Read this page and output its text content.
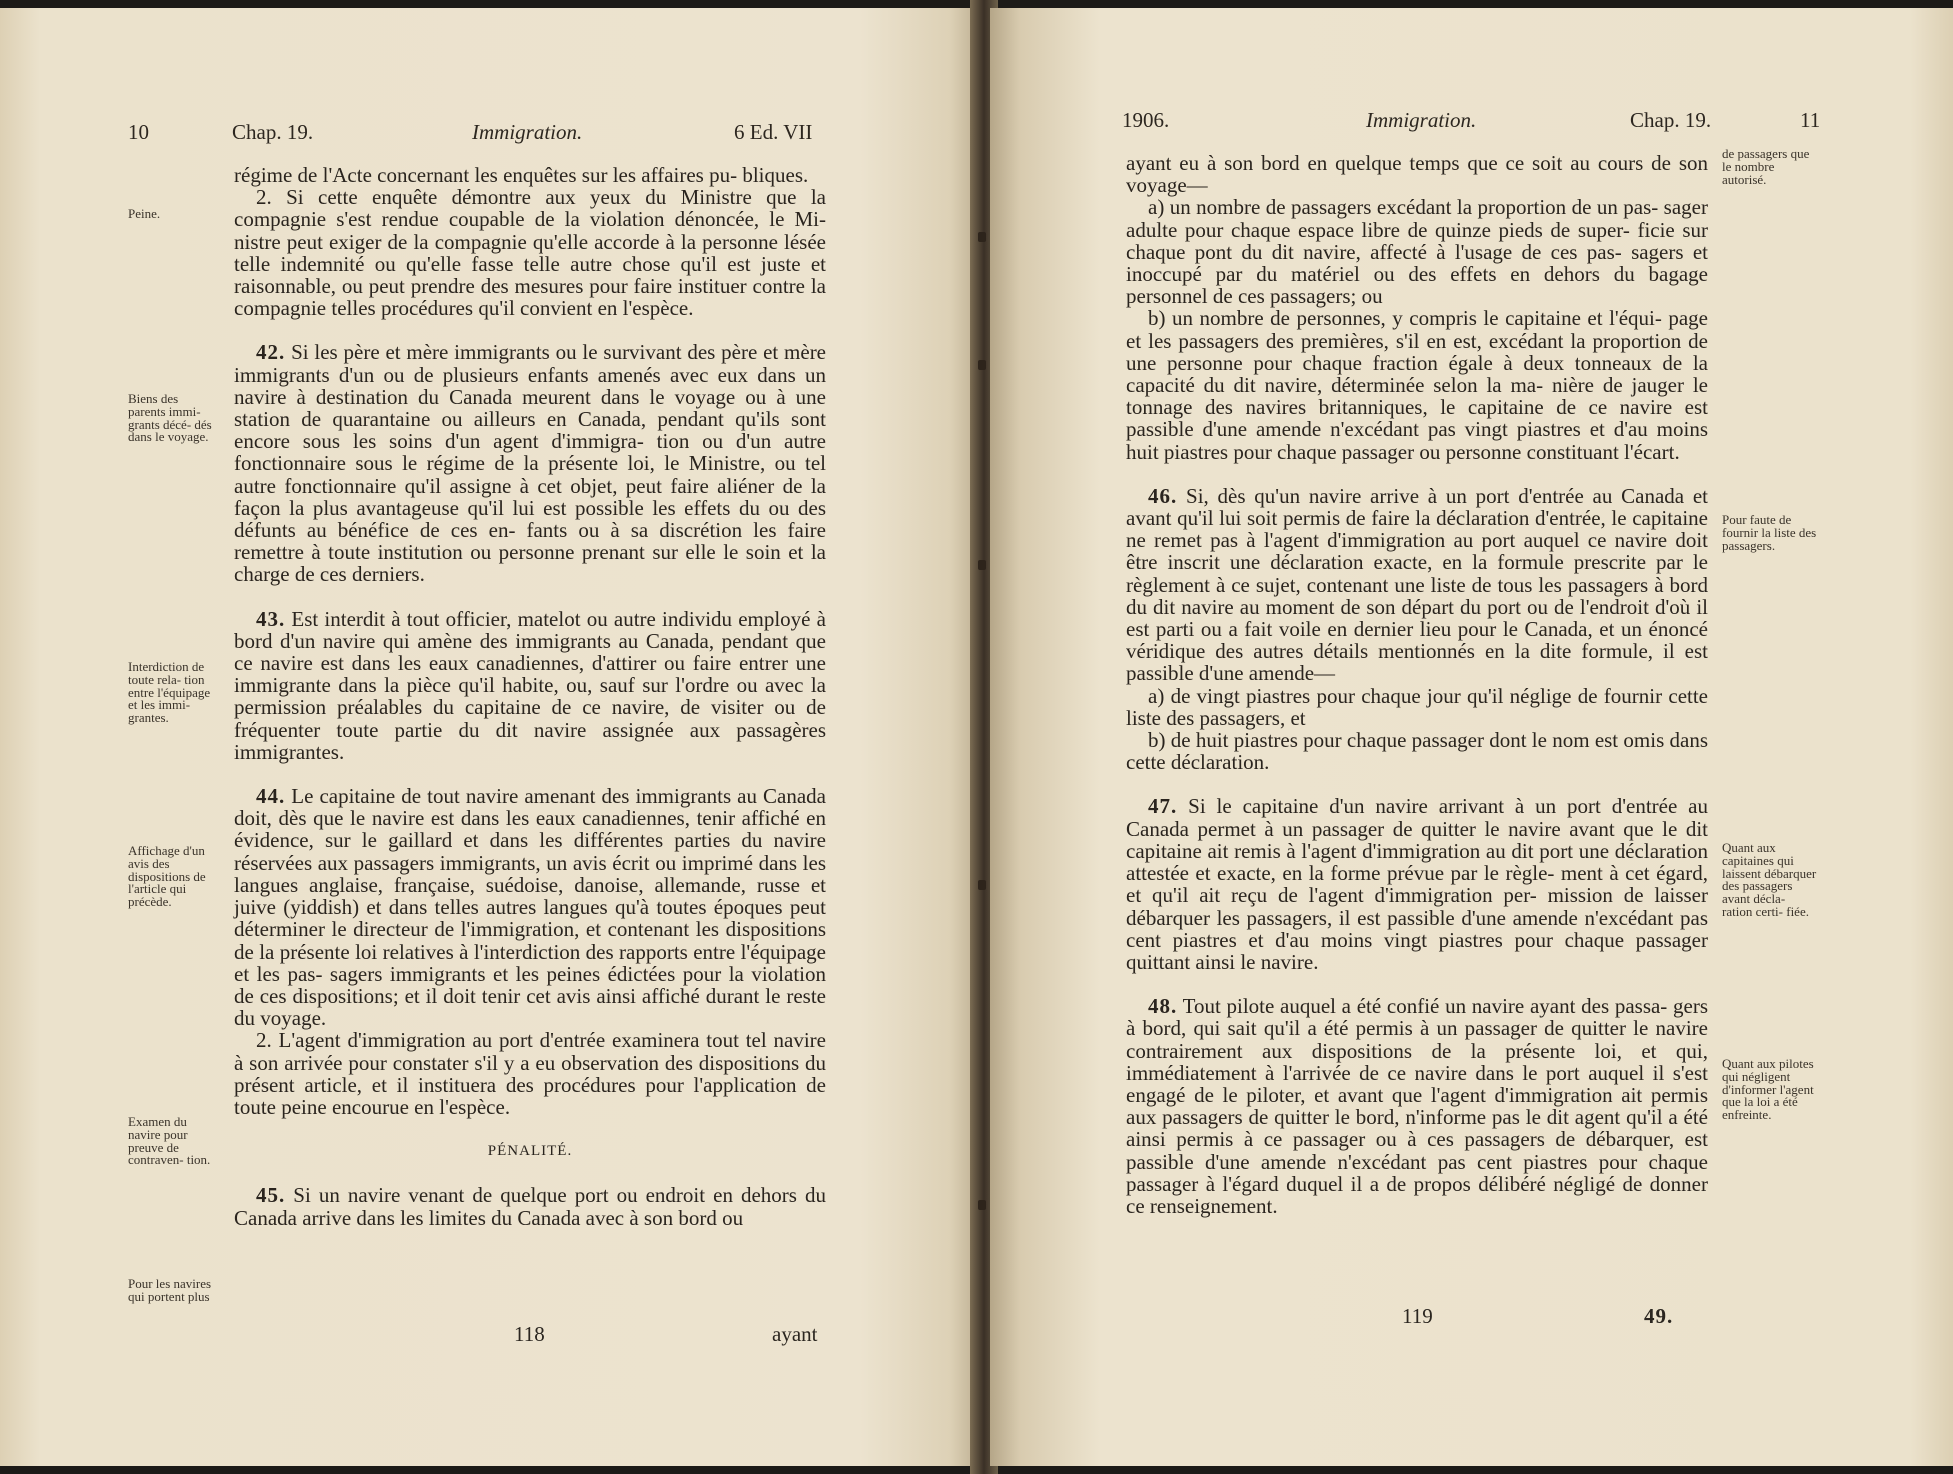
10	Chap. 19.	Immigration.	6 Ed. VII
Peine.
Biens des parents immi- grants décé- dés dans le voyage.
Interdiction de toute rela- tion entre l'équipage et les immi- grantes.
Affichage d'un avis des dispositions de l'article qui précède.
Examen du navire pour preuve de contraven- tion.
Pour les navires qui portent plus

régime de l'Acte concernant les enquêtes sur les affaires pu- bliques.

2. Si cette enquête démontre aux yeux du Ministre que la compagnie s'est rendue coupable de la violation dénoncée, le Mi- nistre peut exiger de la compagnie qu'elle accorde à la personne lésée telle indemnité ou qu'elle fasse telle autre chose qu'il est juste et raisonnable, ou peut prendre des mesures pour faire instituer contre la compagnie telles procédures qu'il convient en l'espèce.

42. Si les père et mère immigrants ou le survivant des père et mère immigrants d'un ou de plusieurs enfants amenés avec eux dans un navire à destination du Canada meurent dans le voyage ou à une station de quarantaine ou ailleurs en Canada, pendant qu'ils sont encore sous les soins d'un agent d'immigra- tion ou d'un autre fonctionnaire sous le régime de la présente loi, le Ministre, ou tel autre fonctionnaire qu'il assigne à cet objet, peut faire aliéner de la façon la plus avantageuse qu'il lui est possible les effets du ou des défunts au bénéfice de ces en- fants ou à sa discrétion les faire remettre à toute institution ou personne prenant sur elle le soin et la charge de ces derniers.

43. Est interdit à tout officier, matelot ou autre individu employé à bord d'un navire qui amène des immigrants au Canada, pendant que ce navire est dans les eaux canadiennes, d'attirer ou faire entrer une immigrante dans la pièce qu'il habite, ou, sauf sur l'ordre ou avec la permission préalables du capitaine de ce navire, de visiter ou de fréquenter toute partie du dit navire assignée aux passagères immigrantes.

44. Le capitaine de tout navire amenant des immigrants au Canada doit, dès que le navire est dans les eaux canadiennes, tenir affiché en évidence, sur le gaillard et dans les différentes parties du navire réservées aux passagers immigrants, un avis écrit ou imprimé dans les langues anglaise, française, suédoise, danoise, allemande, russe et juive (yiddish) et dans telles autres langues qu'à toutes époques peut déterminer le directeur de l'immigration, et contenant les dispositions de la présente loi relatives à l'interdiction des rapports entre l'équipage et les pas- sagers immigrants et les peines édictées pour la violation de ces dispositions; et il doit tenir cet avis ainsi affiché durant le reste du voyage.

2. L'agent d'immigration au port d'entrée examinera tout tel navire à son arrivée pour constater s'il y a eu observation des dispositions du présent article, et il instituera des procédures pour l'application de toute peine encourue en l'espèce.

PÉNALITÉ.

45. Si un navire venant de quelque port ou endroit en dehors du Canada arrive dans les limites du Canada avec à son bord ou

118	ayant
1906.	Immigration.	Chap. 19.	11

ayant eu à son bord en quelque temps que ce soit au cours de son voyage—

a) un nombre de passagers excédant la proportion de un pas- sager adulte pour chaque espace libre de quinze pieds de super- ficie sur chaque pont du dit navire, affecté à l'usage de ces pas- sagers et inoccupé par du matériel ou des effets en dehors du bagage personnel de ces passagers; ou

b) un nombre de personnes, y compris le capitaine et l'équi- page et les passagers des premières, s'il en est, excédant la proportion de une personne pour chaque fraction égale à deux tonneaux de la capacité du dit navire, déterminée selon la ma- nière de jauger le tonnage des navires britanniques, le capitaine de ce navire est passible d'une amende n'excédant pas vingt piastres et d'au moins huit piastres pour chaque passager ou personne constituant l'écart.

46. Si, dès qu'un navire arrive à un port d'entrée au Canada et avant qu'il lui soit permis de faire la déclaration d'entrée, le capitaine ne remet pas à l'agent d'immigration au port auquel ce navire doit être inscrit une déclaration exacte, en la formule prescrite par le règlement à ce sujet, contenant une liste de tous les passagers à bord du dit navire au moment de son départ du port ou de l'endroit d'où il est parti ou a fait voile en dernier lieu pour le Canada, et un énoncé véridique des autres détails mentionnés en la dite formule, il est passible d'une amende—

a) de vingt piastres pour chaque jour qu'il néglige de fournir cette liste des passagers, et

b) de huit piastres pour chaque passager dont le nom est omis dans cette déclaration.

47. Si le capitaine d'un navire arrivant à un port d'entrée au Canada permet à un passager de quitter le navire avant que le dit capitaine ait remis à l'agent d'immigration au dit port une déclaration attestée et exacte, en la forme prévue par le règle- ment à cet égard, et qu'il ait reçu de l'agent d'immigration per- mission de laisser débarquer les passagers, il est passible d'une amende n'excédant pas cent piastres et d'au moins vingt piastres pour chaque passager quittant ainsi le navire.

48. Tout pilote auquel a été confié un navire ayant des passa- gers à bord, qui sait qu'il a été permis à un passager de quitter le navire contrairement aux dispositions de la présente loi, et qui, immédiatement à l'arrivée de ce navire dans le port auquel il s'est engagé de le piloter, et avant que l'agent d'immigration ait permis aux passagers de quitter le bord, n'informe pas le dit agent qu'il a été ainsi permis à ce passager ou à ces passagers de débarquer, est passible d'une amende n'excédant pas cent piastres pour chaque passager à l'égard duquel il a de propos délibéré négligé de donner ce renseignement.

de passagers que le nombre autorisé.
Pour faute de fournir la liste des passagers.
Quant aux capitaines qui laissent débarquer des passagers avant décla- ration certi- fiée.
Quant aux pilotes qui négligent d'informer l'agent que la loi a été enfreinte.
119	49.
